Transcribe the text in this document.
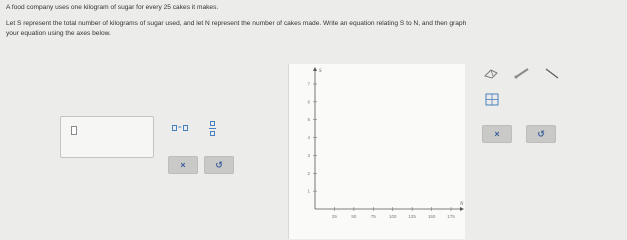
A food company uses one kilogram of sugar for every 25 cakes it makes.

Let S represent the total number of kilograms of sugar used, and let N represent the number of cakes made. Write an equation relating S to N, and then graph
your equation using the axes below.

=
×	↺
25	50	75	100	125	150	175
1
2
3
4
5
6
7
N
S
×	↺
